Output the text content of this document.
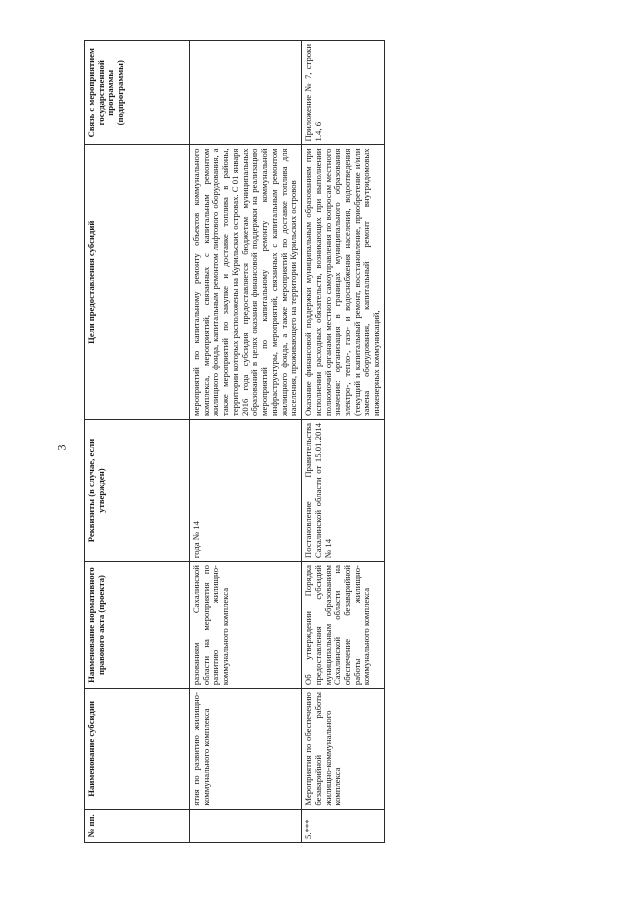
3
№ пп.	Наименование субсидии	Наименование нормативного правового акта (проекта)	Реквизиты (в случае, если утвержден)	Цели предоставления субсидий	Связь с мероприятием государственной программы (подпрограммы)
	ятия по развитию жилищно-коммунального комплекса	разованиям Сахалинской области на мероприятия по развитию жилищно-коммунального комплекса	года № 14	мероприятий по капитальному ремонту объектов коммунального комплекса, мероприятий, связанных с капитальным ремонтом жилищного фонда, капитальным ремонтом лифтового оборудования, а также мероприятий по закупке и доставке топлива в районы, территории которых расположены на Курильских островах. С 01 января 2016 года субсидия предоставляется бюджетам муниципальных образований в целях оказания финансовой поддержки на реализацию мероприятий по капитальному ремонту коммунальной инфраструктуры, мероприятий, связанных с капитальным ремонтом жилищного фонда, а также мероприятий по доставке топлива для населения, проживающего на территории Курильских островов	
5.***	Мероприятия по обеспечению безаварийной работы жилищно-коммунального комплекса	Об утверждении Порядка предоставления субсидий муниципальным образованиям Сахалинской области на обеспечение безаварийной работы жилищно-коммунального комплекса	Постановление Правительства Сахалинской области от 15.01.2014 № 14	Оказание финансовой поддержки муниципальным образованиям при исполнении расходных обязательств, возникающих при выполнении полномочий органами местного самоуправления по вопросам местного значения: организация в границах муниципального образования электро-, тепло-, газо- и водоснабжения населения, водоотведения (текущий и капитальный ремонт, восстановление, приобретение и/или замена оборудования, капитальный ремонт внутридомовых инженерных коммуникаций,	Приложение № 7, строки 1.4, 6
